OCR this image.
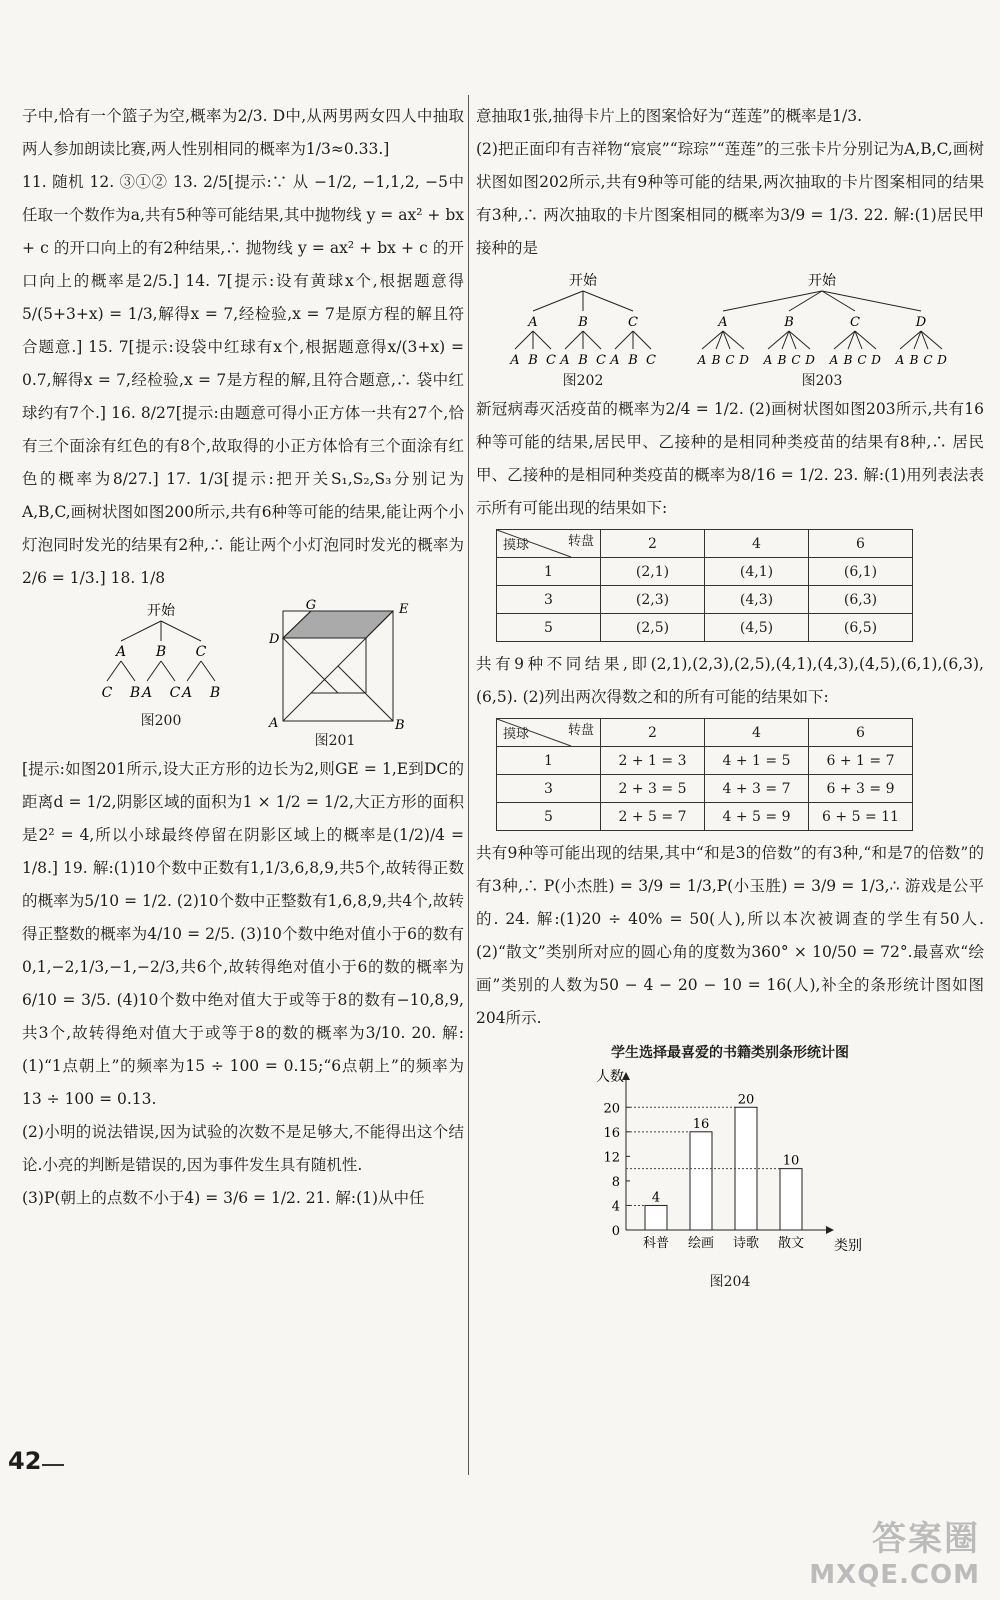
子中,恰有一个篮子为空,概率为2/3. D中,从两男两女四人中抽取两人参加朗读比赛,两人性别相同的概率为1/3≈0.33.]

11. 随机 12. ③①② 13. 2/5[提示:∵ 从 −1/2, −1,1,2, −5中任取一个数作为a,共有5种等可能结果,其中抛物线 y = ax² + bx + c 的开口向上的有2种结果,∴ 抛物线 y = ax² + bx + c 的开口向上的概率是2/5.] 14. 7[提示:设有黄球x个,根据题意得5/(5+3+x) = 1/3,解得x = 7,经检验,x = 7是原方程的解且符合题意.] 15. 7[提示:设袋中红球有x个,根据题意得x/(3+x) = 0.7,解得x = 7,经检验,x = 7是方程的解,且符合题意,∴ 袋中红球约有7个.] 16. 8/27[提示:由题意可得小正方体一共有27个,恰有三个面涂有红色的有8个,故取得的小正方体恰有三个面涂有红色的概率为8/27.] 17. 1/3[提示:把开关S₁,S₂,S₃分别记为A,B,C,画树状图如图200所示,共有6种等可能的结果,能让两个小灯泡同时发光的结果有2种,∴ 能让两个小灯泡同时发光的概率为2/6 = 1/3.] 18. 1/8

开始
A B C
C B A C A B
图200
G	E
D
A	B
图201

[提示:如图201所示,设大正方形的边长为2,则GE = 1,E到DC的距离d = 1/2,阴影区域的面积为1 × 1/2 = 1/2,大正方形的面积是2² = 4,所以小球最终停留在阴影区域上的概率是(1/2)/4 = 1/8.] 19. 解:(1)10个数中正数有1,1/3,6,8,9,共5个,故转得正数的概率为5/10 = 1/2. (2)10个数中正整数有1,6,8,9,共4个,故转得正整数的概率为4/10 = 2/5. (3)10个数中绝对值小于6的数有0,1,−2,1/3,−1,−2/3,共6个,故转得绝对值小于6的数的概率为6/10 = 3/5. (4)10个数中绝对值大于或等于8的数有−10,8,9,共3个,故转得绝对值大于或等于8的数的概率为3/10. 20. 解:(1)“1点朝上”的频率为15 ÷ 100 = 0.15;“6点朝上”的频率为13 ÷ 100 = 0.13.

(2)小明的说法错误,因为试验的次数不是足够大,不能得出这个结论.小亮的判断是错误的,因为事件发生具有随机性.

(3)P(朝上的点数不小于4) = 3/6 = 1/2. 21. 解:(1)从中任

意抽取1张,抽得卡片上的图案恰好为“莲莲”的概率是1/3.

(2)把正面印有吉祥物“宸宸”“琮琮”“莲莲”的三张卡片分别记为A,B,C,画树状图如图202所示,共有9种等可能的结果,两次抽取的卡片图案相同的结果有3种,∴ 两次抽取的卡片图案相同的概率为3/9 = 1/3. 22. 解:(1)居民甲接种的是

开始
A	B	C
A B C A B C A B C
图202
开始
A	B	C	D
A B C D A B C D A B C D A B C D
图203

新冠病毒灭活疫苗的概率为2/4 = 1/2. (2)画树状图如图203所示,共有16种等可能的结果,居民甲、乙接种的是相同种类疫苗的结果有8种,∴ 居民甲、乙接种的是相同种类疫苗的概率为8/16 = 1/2. 23. 解:(1)用列表法表示所有可能出现的结果如下:

转盘
摸球	2	4	6
1	(2,1)	(4,1)	(6,1)
3	(2,3)	(4,3)	(6,3)
5	(2,5)	(4,5)	(6,5)

共有9种不同结果,即(2,1),(2,3),(2,5),(4,1),(4,3),(4,5),(6,1),(6,3),(6,5). (2)列出两次得数之和的所有可能的结果如下:

转盘
摸球	2	4	6
1	2 + 1 = 3	4 + 1 = 5	6 + 1 = 7
3	2 + 3 = 5	4 + 3 = 7	6 + 3 = 9
5	2 + 5 = 7	4 + 5 = 9	6 + 5 = 11

共有9种等可能出现的结果,其中“和是3的倍数”的有3种,“和是7的倍数”的有3种,∴ P(小杰胜) = 3/9 = 1/3,P(小玉胜) = 3/9 = 1/3,∴ 游戏是公平的. 24. 解:(1)20 ÷ 40% = 50(人),所以本次被调查的学生有50人. (2)“散文”类别所对应的圆心角的度数为360° × 10/50 = 72°.最喜欢“绘画”类别的人数为50 − 4 − 20 − 10 = 16(人),补全的条形统计图如图204所示.

学生选择最喜爱的书籍类别条形统计图
人数
类别
0
4
8
12
16
20
4
科普
16
绘画
20
诗歌
10
散文
图204
42
答案圈
MXQE.COM
